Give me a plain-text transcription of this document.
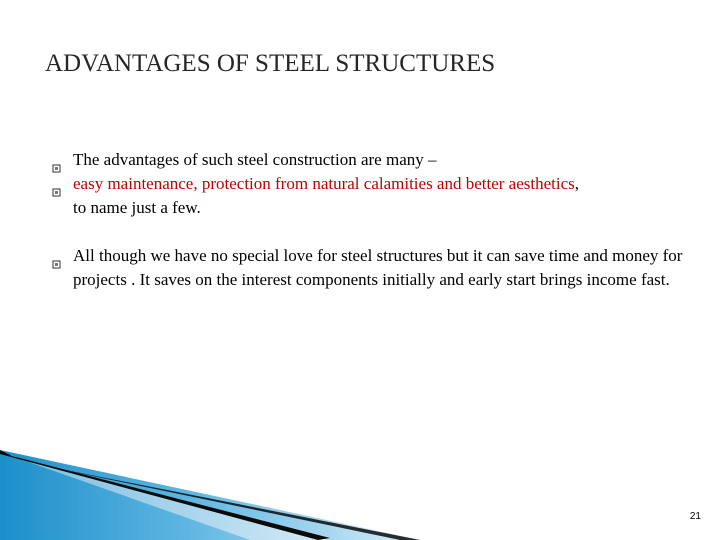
ADVANTAGES OF STEEL STRUCTURES
The advantages of such steel construction are many –
easy maintenance, protection from natural calamities and better aesthetics,
to name just a few.
All though we have no special love for steel structures but it can save time and money for projects . It saves on the interest components initially and early start brings income fast.
21
